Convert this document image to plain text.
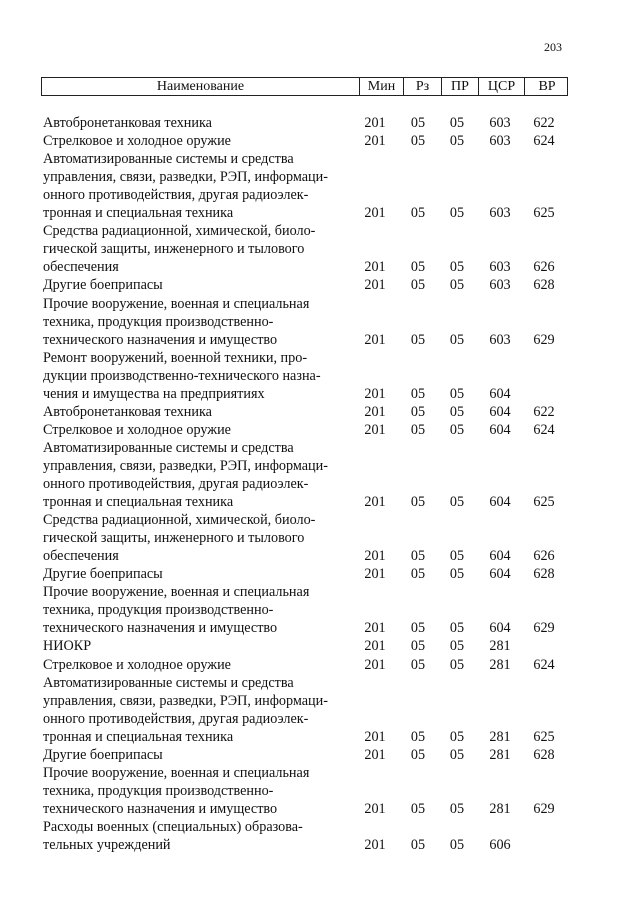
203
Наименование	Мин	Рз	ПР	ЦСР	ВР
Автобронетанковая техника	201	05	05	603	622
Стрелковое и холодное оружие	201	05	05	603	624
Автоматизированные системы и средства
управления, связи, разведки, РЭП, информаци-
онного противодействия, другая радиоэлек-
тронная и специальная техника	201	05	05	603	625
Средства радиационной, химической, биоло-
гической защиты, инженерного и тылового
обеспечения	201	05	05	603	626
Другие боеприпасы	201	05	05	603	628
Прочие вооружение, военная и специальная
техника, продукция производственно-
технического назначения и имущество	201	05	05	603	629
Ремонт вооружений, военной техники, про-
дукции производственно-технического назна-
чения и имущества на предприятиях	201	05	05	604
Автобронетанковая техника	201	05	05	604	622
Стрелковое и холодное оружие	201	05	05	604	624
Автоматизированные системы и средства
управления, связи, разведки, РЭП, информаци-
онного противодействия, другая радиоэлек-
тронная и специальная техника	201	05	05	604	625
Средства радиационной, химической, биоло-
гической защиты, инженерного и тылового
обеспечения	201	05	05	604	626
Другие боеприпасы	201	05	05	604	628
Прочие вооружение, военная и специальная
техника, продукция производственно-
технического назначения и имущество	201	05	05	604	629
НИОКР	201	05	05	281
Стрелковое и холодное оружие	201	05	05	281	624
Автоматизированные системы и средства
управления, связи, разведки, РЭП, информаци-
онного противодействия, другая радиоэлек-
тронная и специальная техника	201	05	05	281	625
Другие боеприпасы	201	05	05	281	628
Прочие вооружение, военная и специальная
техника, продукция производственно-
технического назначения и имущество	201	05	05	281	629
Расходы военных (специальных) образова-
тельных учреждений	201	05	05	606
